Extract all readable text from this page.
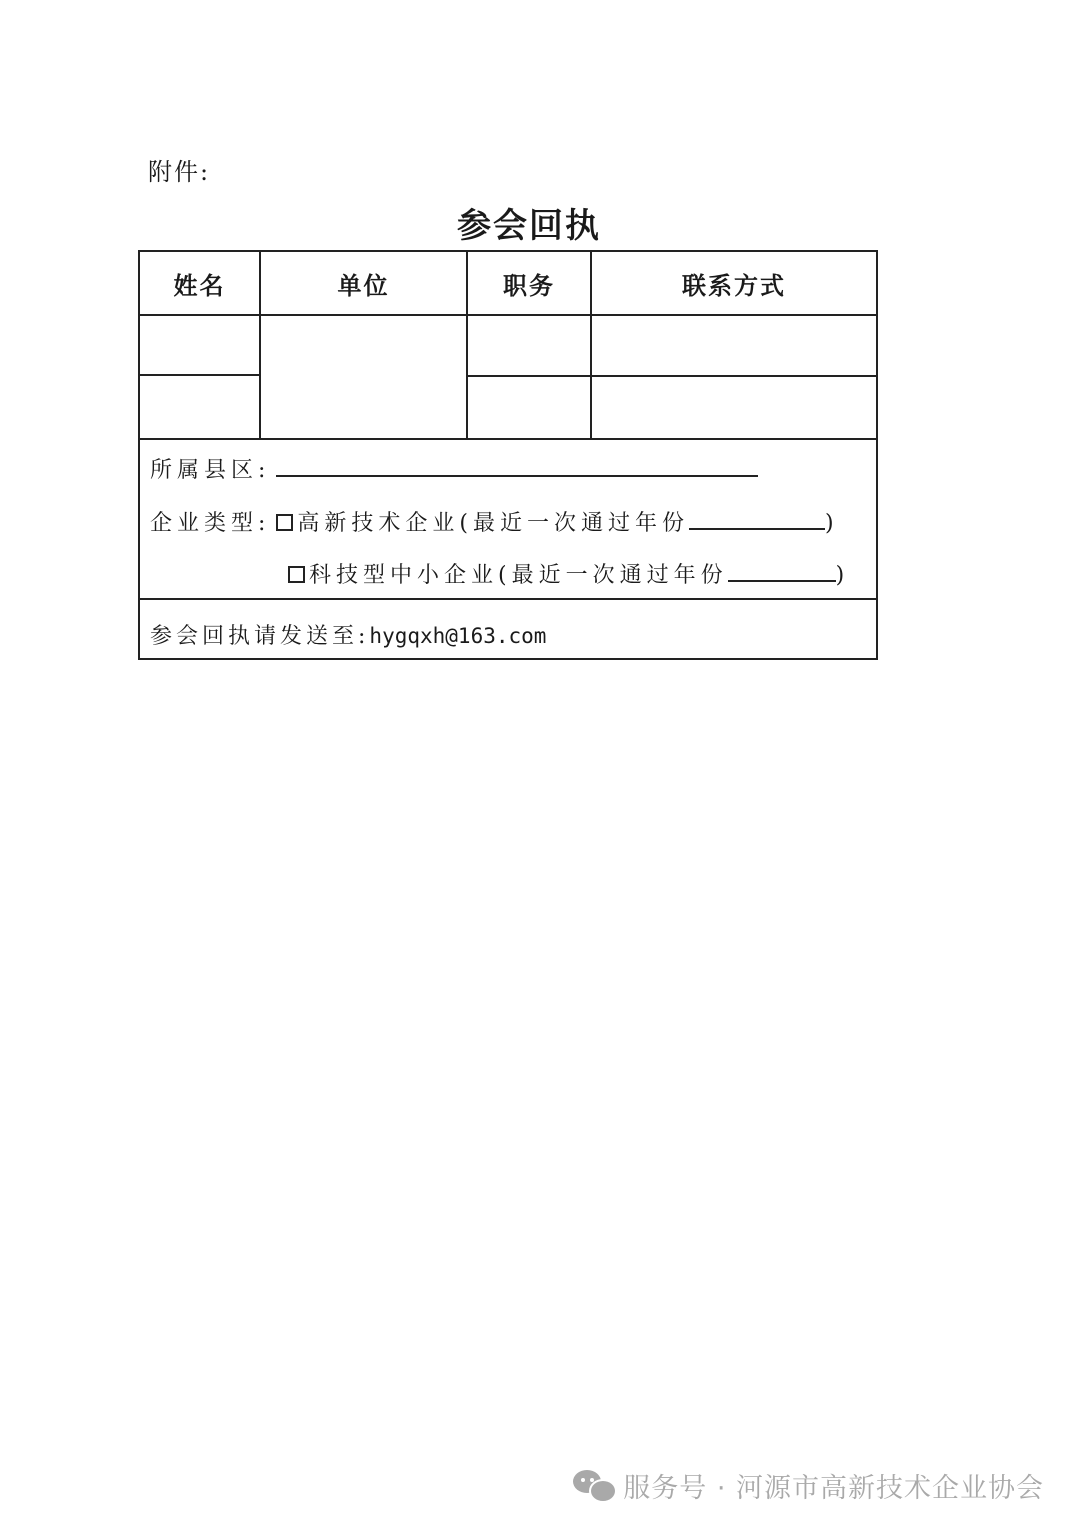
附件:
参会回执
姓名	单位	职务	联系方式
所属县区:
企业类型: 高新技术企业(最近一次通过年份	)
科技型中小企业(最近一次通过年份	)
参会回执请发送至:hygqxh@163.com
服务号 · 河源市高新技术企业协会
